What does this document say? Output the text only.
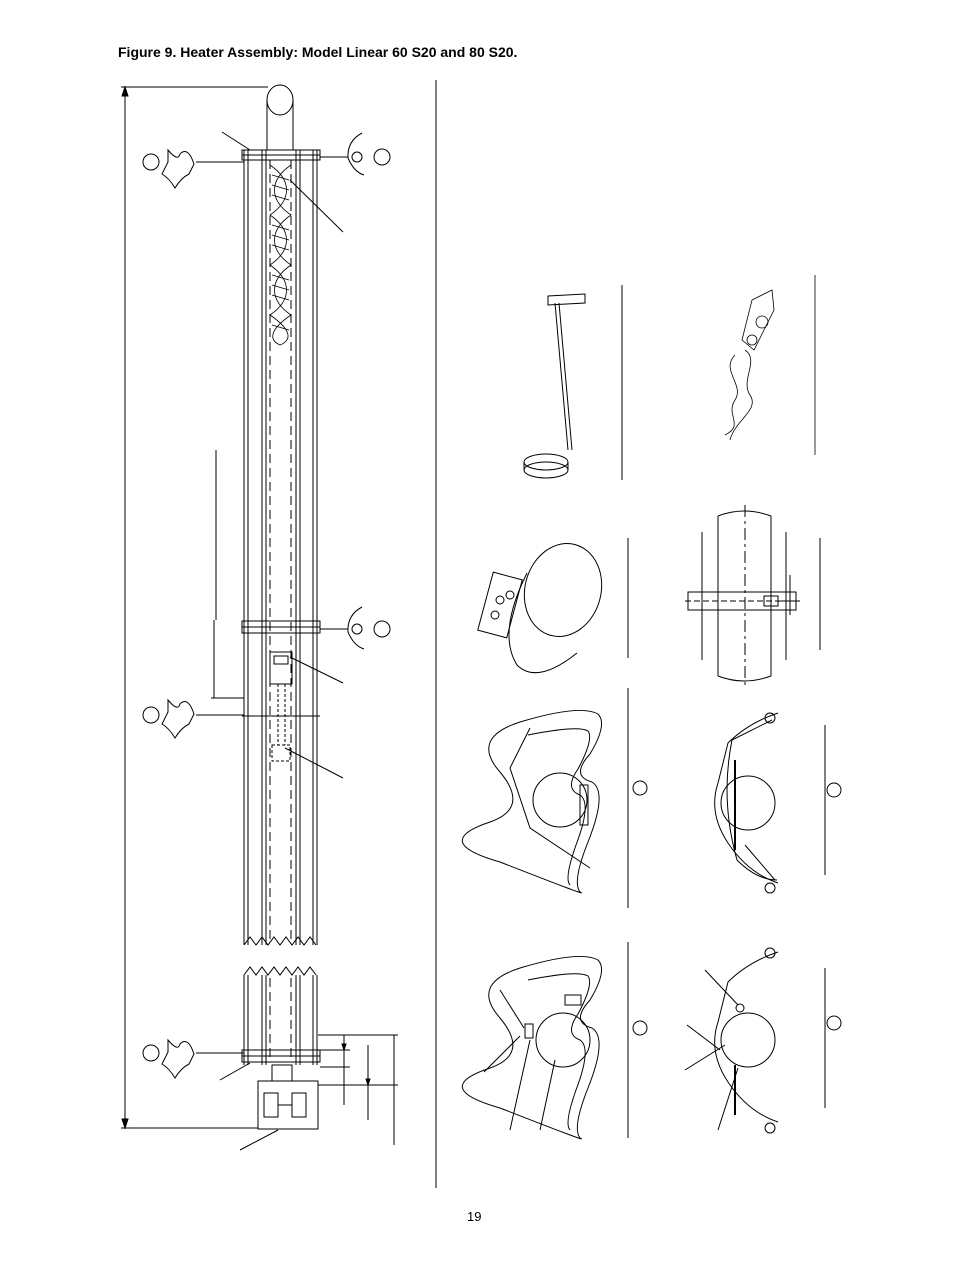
Figure 9. Heater Assembly: Model Linear 60 S20 and 80 S20.
19
